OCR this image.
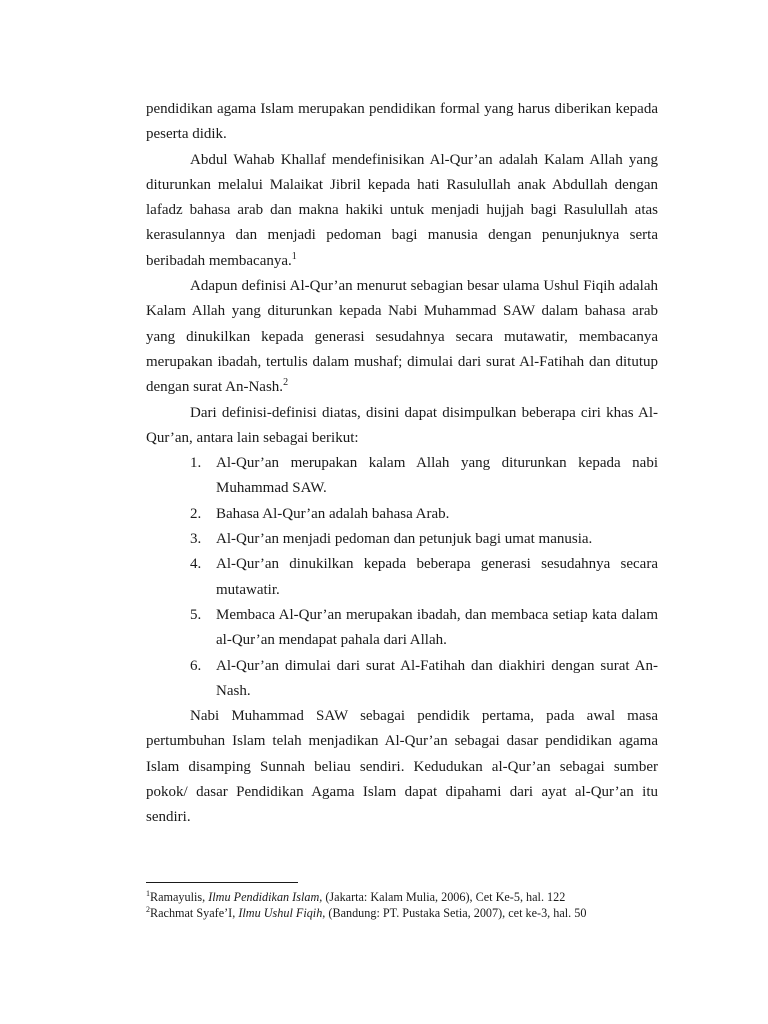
pendidikan agama Islam merupakan pendidikan formal yang harus diberikan kepada peserta didik.

Abdul Wahab Khallaf mendefinisikan Al-Qur’an adalah Kalam Allah yang diturunkan melalui Malaikat Jibril kepada hati Rasulullah anak Abdullah dengan lafadz bahasa arab dan makna hakiki untuk menjadi hujjah bagi Rasulullah atas kerasulannya dan menjadi pedoman bagi manusia dengan penunjuknya serta beribadah membacanya.$^1$

Adapun definisi Al-Qur’an menurut sebagian besar ulama Ushul Fiqih adalah Kalam Allah yang diturunkan kepada Nabi Muhammad SAW dalam bahasa arab yang dinukilkan kepada generasi sesudahnya secara mutawatir, membacanya merupakan ibadah, tertulis dalam mushaf; dimulai dari surat Al-Fatihah dan ditutup dengan surat An-Nash.$^2$

Dari definisi-definisi diatas, disini dapat disimpulkan beberapa ciri khas Al-Qur’an, antara lain sebagai berikut:

1. Al-Qur’an merupakan kalam Allah yang diturunkan kepada nabi Muhammad SAW.
2. Bahasa Al-Qur’an adalah bahasa Arab.
3. Al-Qur’an menjadi pedoman dan petunjuk bagi umat manusia.
4. Al-Qur’an dinukilkan kepada beberapa generasi sesudahnya secara mutawatir.
5. Membaca Al-Qur’an merupakan ibadah, dan membaca setiap kata dalam al-Qur’an mendapat pahala dari Allah.
6. Al-Qur’an dimulai dari surat Al-Fatihah dan diakhiri dengan surat An-Nash.

Nabi Muhammad SAW sebagai pendidik pertama, pada awal masa pertumbuhan Islam telah menjadikan Al-Qur’an sebagai dasar pendidikan agama Islam disamping Sunnah beliau sendiri. Kedudukan al-Qur’an sebagai sumber pokok/ dasar Pendidikan Agama Islam dapat dipahami dari ayat al-Qur’an itu sendiri.

$^1$Ramayulis, Ilmu Pendidikan Islam, (Jakarta: Kalam Mulia, 2006), Cet Ke-5, hal. 122
$^2$Rachmat Syafe’I, Ilmu Ushul Fiqih, (Bandung: PT. Pustaka Setia, 2007), cet ke-3, hal. 50
